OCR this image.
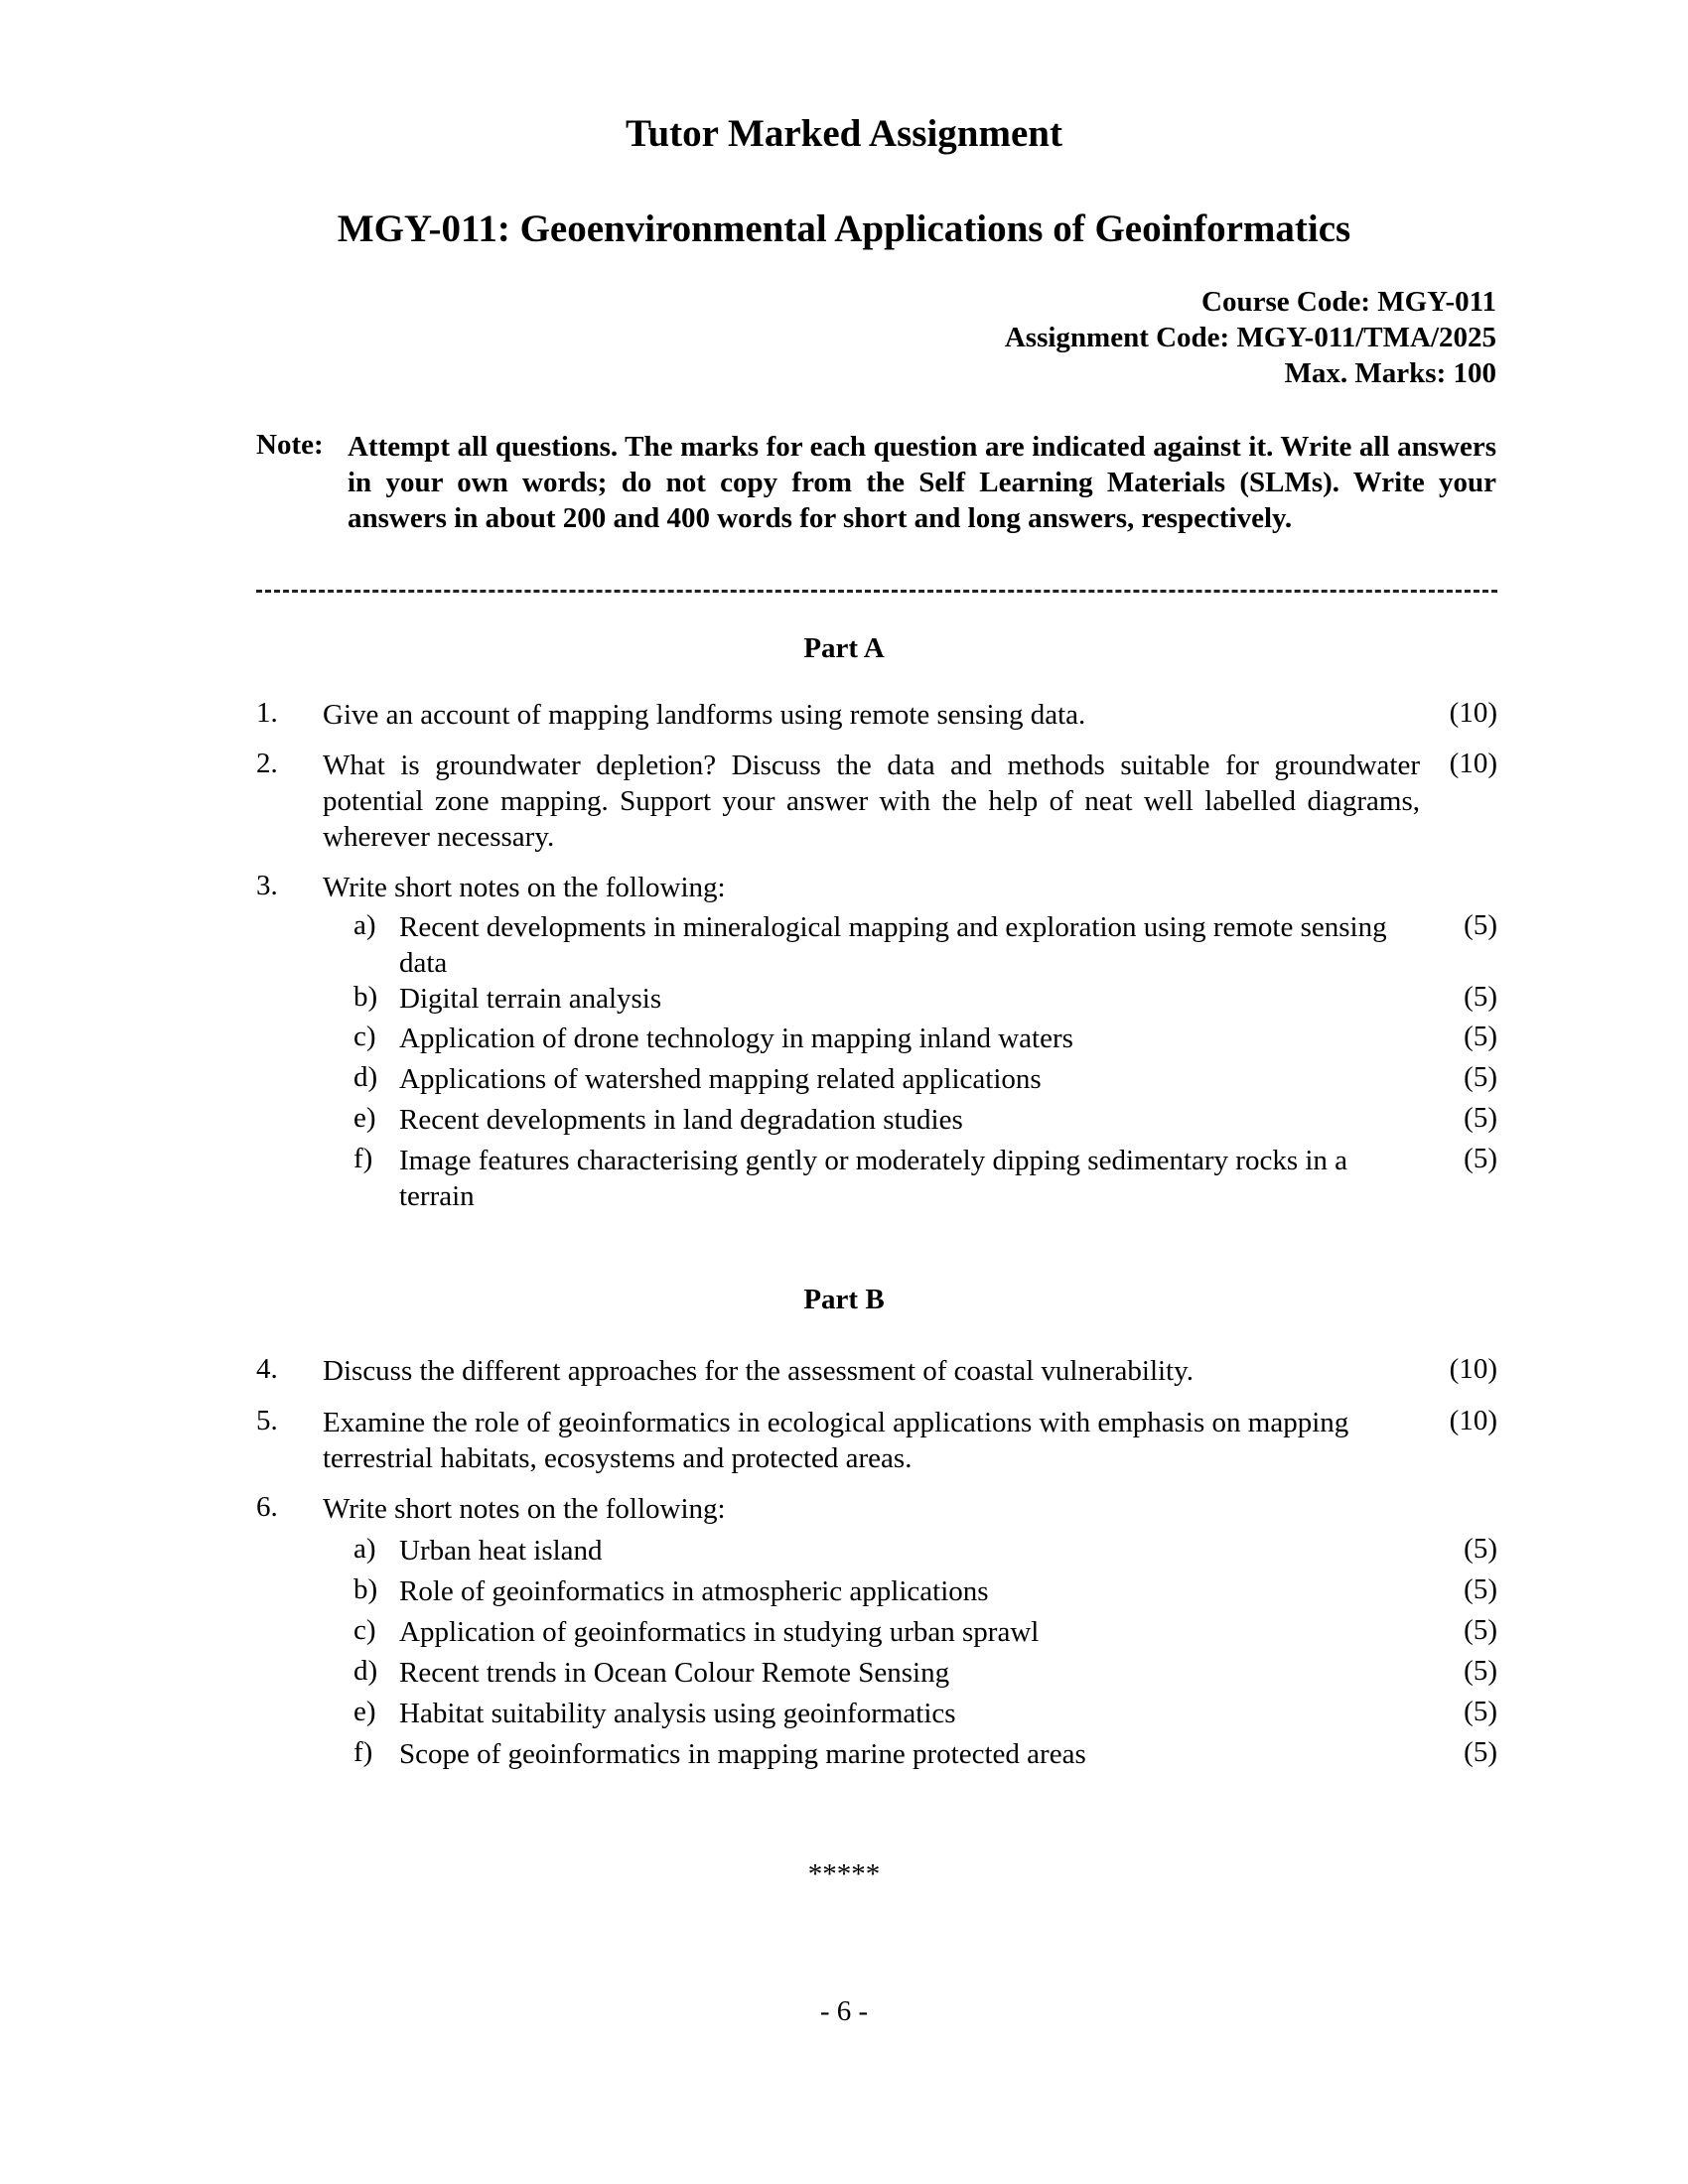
Tutor Marked Assignment
MGY-011: Geoenvironmental Applications of Geoinformatics
Course Code: MGY-011
Assignment Code: MGY-011/TMA/2025
Max. Marks: 100
Note: Attempt all questions. The marks for each question are indicated against it. Write all answers in your own words; do not copy from the Self Learning Materials (SLMs). Write your answers in about 200 and 400 words for short and long answers, respectively.
Part A
1. Give an account of mapping landforms using remote sensing data.	(10)
2. What is groundwater depletion? Discuss the data and methods suitable for groundwater potential zone mapping. Support your answer with the help of neat well labelled diagrams, wherever necessary.
(10)
3. Write short notes on the following:
a) Recent developments in mineralogical mapping and exploration using remote sensing data
(5)
b) Digital terrain analysis	(5)
c) Application of drone technology in mapping inland waters	(5)
d) Applications of watershed mapping related applications	(5)
e) Recent developments in land degradation studies	(5)
f) Image features characterising gently or moderately dipping sedimentary rocks in a terrain
(5)
Part B
4. Discuss the different approaches for the assessment of coastal vulnerability.	(10)
5. Examine the role of geoinformatics in ecological applications with emphasis on mapping terrestrial habitats, ecosystems and protected areas.
(10)
6. Write short notes on the following:
a) Urban heat island	(5)
b) Role of geoinformatics in atmospheric applications	(5)
c) Application of geoinformatics in studying urban sprawl	(5)
d) Recent trends in Ocean Colour Remote Sensing	(5)
e) Habitat suitability analysis using geoinformatics	(5)
f) Scope of geoinformatics in mapping marine protected areas	(5)
*****
- 6 -
